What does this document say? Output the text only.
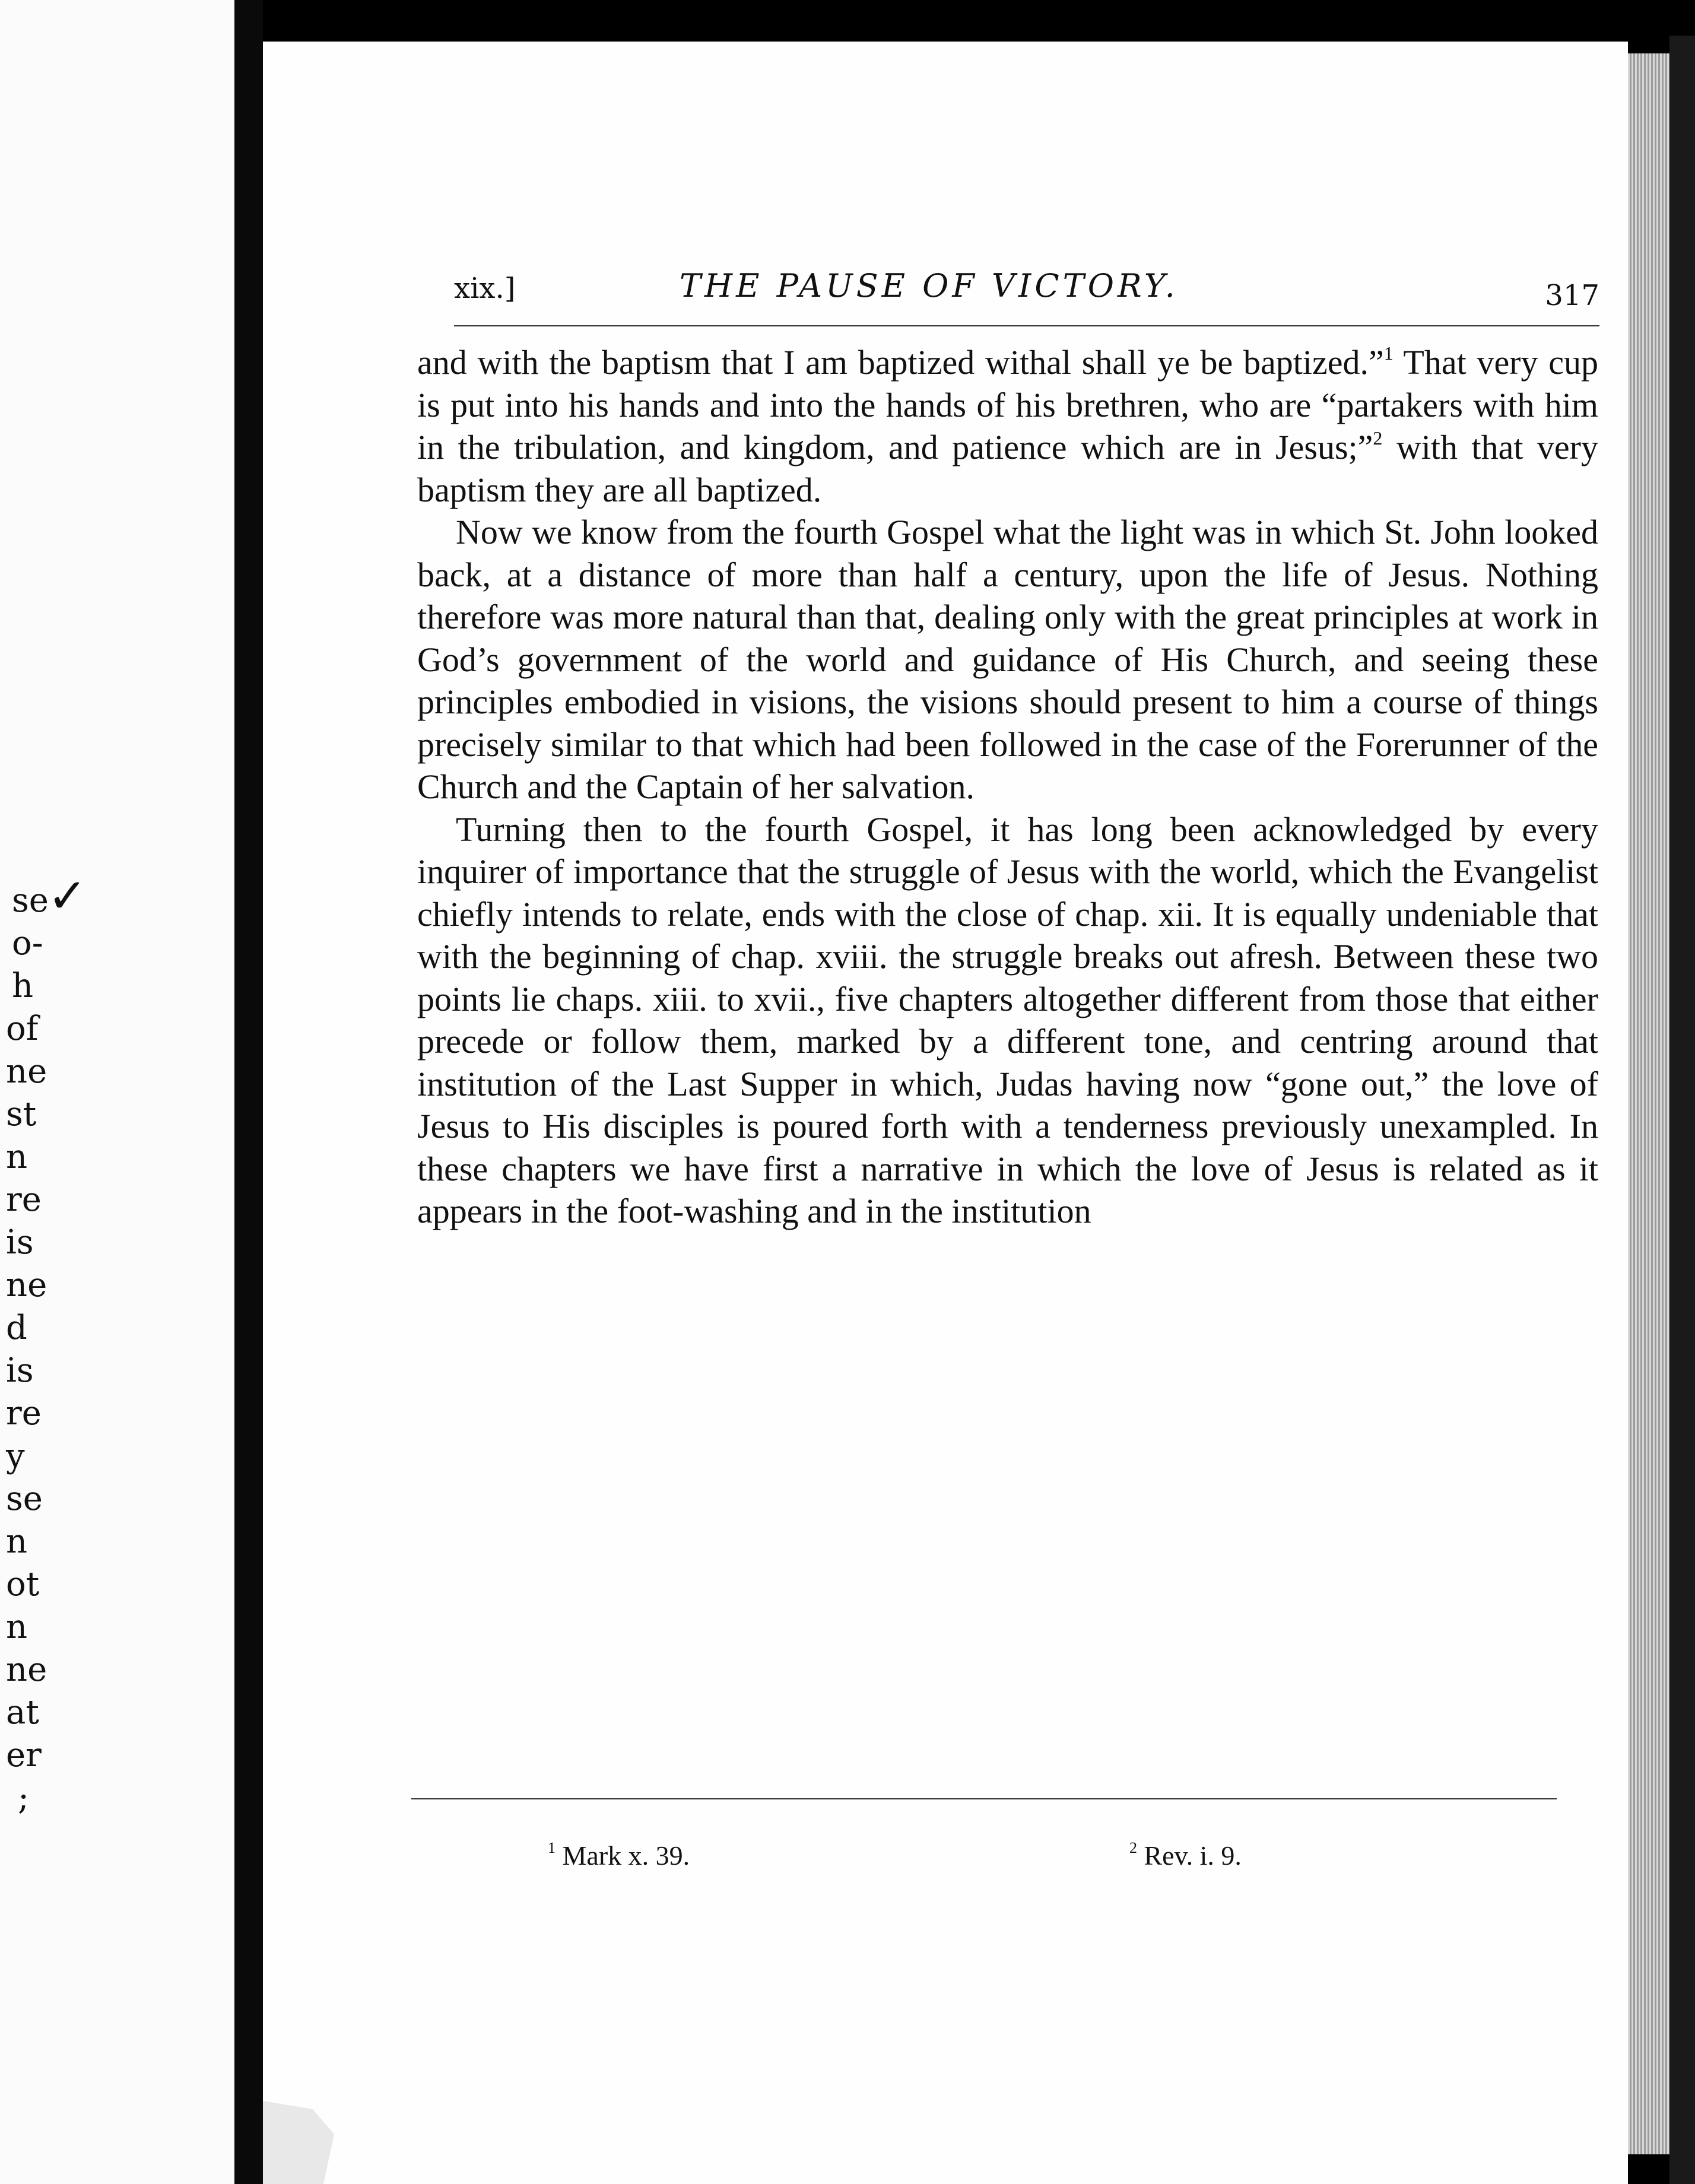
se
✓
o-
h
of
ne
st
n
re
is
ne
d
is
re
y
se
n
ot
n
ne
at
er
;
xix.]	THE PAUSE OF VICTORY.	317

and with the baptism that I am baptized withal shall ye be baptized.”$^1$ That very cup is put into his hands and into the hands of his brethren, who are “partakers with him in the tribulation, and kingdom, and patience which are in Jesus;”$^2$ with that very baptism they are all baptized.

Now we know from the fourth Gospel what the light was in which St. John looked back, at a distance of more than half a century, upon the life of Jesus. Nothing therefore was more natural than that, dealing only with the great principles at work in God’s government of the world and guidance of His Church, and seeing these principles embodied in visions, the visions should present to him a course of things precisely similar to that which had been followed in the case of the Forerunner of the Church and the Captain of her salvation.

Turning then to the fourth Gospel, it has long been acknowledged by every inquirer of importance that the struggle of Jesus with the world, which the Evangelist chiefly intends to relate, ends with the close of chap. xii. It is equally undeniable that with the beginning of chap. xviii. the struggle breaks out afresh. Between these two points lie chaps. xiii. to xvii., five chapters altogether different from those that either precede or follow them, marked by a different tone, and centring around that institution of the Last Supper in which, Judas having now “gone out,” the love of Jesus to His disciples is poured forth with a tenderness previously unexampled. In these chapters we have first a narrative in which the love of Jesus is related as it appears in the foot-washing and in the institution

$^1$ Mark x. 39.	$^2$ Rev. i. 9.
